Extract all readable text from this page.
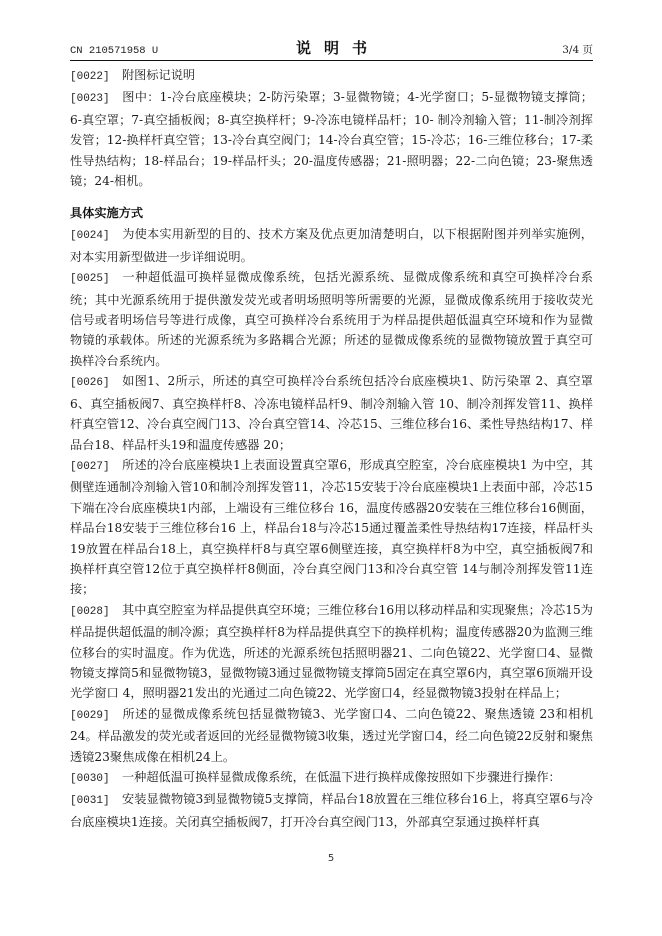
CN 210571958 U	说明书	3/4 页

[0022] 附图标记说明

[0023] 图中：1-冷台底座模块；2-防污染罩；3-显微物镜；4-光学窗口；5-显微物镜支撑筒；6-真空罩；7-真空插板阀；8-真空换样杆；9-冷冻电镜样品杆；10- 制冷剂输入管；11-制冷剂挥发管；12-换样杆真空管；13-冷台真空阀门；14-冷台真空管；15-冷芯；16-三维位移台；17-柔性导热结构；18-样品台；19-样品杆头；20-温度传感器；21-照明器；22-二向色镜；23-聚焦透镜；24-相机。

具体实施方式

[0024] 为使本实用新型的目的、技术方案及优点更加清楚明白，以下根据附图并列举实施例，对本实用新型做进一步详细说明。

[0025] 一种超低温可换样显微成像系统，包括光源系统、显微成像系统和真空可换样冷台系统；其中光源系统用于提供激发荧光或者明场照明等所需要的光源，显微成像系统用于接收荧光信号或者明场信号等进行成像，真空可换样冷台系统用于为样品提供超低温真空环境和作为显微物镜的承载体。所述的光源系统为多路耦合光源；所述的显微成像系统的显微物镜放置于真空可换样冷台系统内。

[0026] 如图1、2所示，所述的真空可换样冷台系统包括冷台底座模块1、防污染罩 2、真空罩6、真空插板阀7、真空换样杆8、冷冻电镜样品杆9、制冷剂输入管 10、制冷剂挥发管11、换样杆真空管12、冷台真空阀门13、冷台真空管14、冷芯15、三维位移台16、柔性导热结构17、样品台18、样品杆头19和温度传感器 20；

[0027] 所述的冷台底座模块1上表面设置真空罩6，形成真空腔室，冷台底座模块1 为中空，其侧壁连通制冷剂输入管10和制冷剂挥发管11，冷芯15安装于冷台底座模块1上表面中部，冷芯15下端在冷台底座模块1内部，上端设有三维位移台 16，温度传感器20安装在三维位移台16侧面，样品台18安装于三维位移台16 上，样品台18与冷芯15通过覆盖柔性导热结构17连接，样品杆头19放置在样品台18上，真空换样杆8与真空罩6侧壁连接，真空换样杆8为中空，真空插板阀7和换样杆真空管12位于真空换样杆8侧面，冷台真空阀门13和冷台真空管 14与制冷剂挥发管11连接；

[0028] 其中真空腔室为样品提供真空环境；三维位移台16用以移动样品和实现聚焦；冷芯15为样品提供超低温的制冷源；真空换样杆8为样品提供真空下的换样机构；温度传感器20为监测三维位移台的实时温度。作为优选，所述的光源系统包括照明器21、二向色镜22、光学窗口4、显微物镜支撑筒5和显微物镜3，显微物镜3通过显微物镜支撑筒5固定在真空罩6内，真空罩6顶端开设光学窗口 4，照明器21发出的光通过二向色镜22、光学窗口4，经显微物镜3投射在样品上；

[0029] 所述的显微成像系统包括显微物镜3、光学窗口4、二向色镜22、聚焦透镜 23和相机24。样品激发的荧光或者返回的光经显微物镜3收集，透过光学窗口4，经二向色镜22反射和聚焦透镜23聚焦成像在相机24上。

[0030] 一种超低温可换样显微成像系统，在低温下进行换样成像按照如下步骤进行操作：

[0031] 安装显微物镜3到显微物镜5支撑筒，样品台18放置在三维位移台16上，将真空罩6与冷台底座模块1连接。关闭真空插板阀7，打开冷台真空阀门13，外部真空泵通过换样杆真

5
